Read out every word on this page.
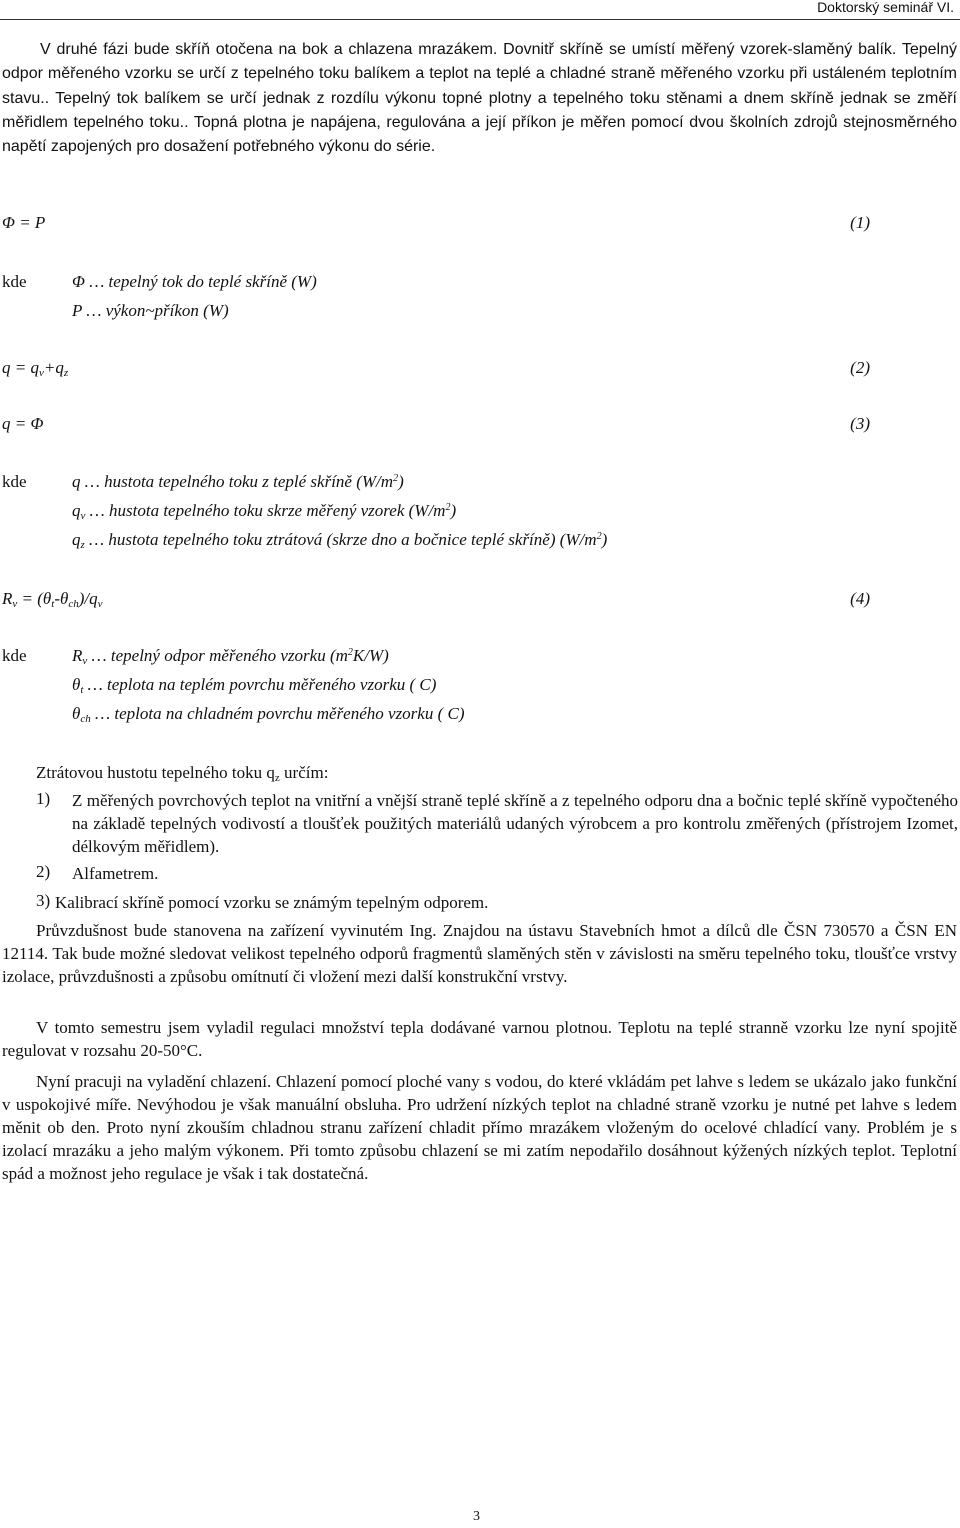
Doktorský seminář VI.
V druhé fázi bude skříň otočena na bok a chlazena mrazákem. Dovnitř skříně se umístí měřený vzorek-slaměný balík. Tepelný odpor měřeného vzorku se určí z tepelného toku balíkem a teplot na teplé a chladné straně měřeného vzorku při ustáleném teplotním stavu.. Tepelný tok balíkem se určí jednak z rozdílu výkonu topné plotny a tepelného toku stěnami a dnem skříně jednak se změří měřidlem tepelného toku.. Topná plotna je napájena, regulována a její příkon je měřen pomocí dvou školních zdrojů stejnosměrného napětí zapojených pro dosažení potřebného výkonu do série.
Φ = P	(1)
kde	Φ … tepelný tok do teplé skříně (W)
P … výkon~příkon (W)
$q = q_v+q_z$	(2)
q = Φ	(3)
kde	q … hustota tepelného toku z teplé skříně $(W/m^2)$
$q_v$ … hustota tepelného toku skrze měřený vzorek $(W/m^2)$
$q_z$ … hustota tepelného toku ztrátová (skrze dno a bočnice teplé skříně) $(W/m^2)$
$R_v = (\theta_t-\theta_{ch})/q_v$	(4)
kde	$R_v$ … tepelný odpor měřeného vzorku $(m^2K/W)$
$\theta_t$ … teplota na teplém povrchu měřeného vzorku ( C)
$\theta_{ch}$ … teplota na chladném povrchu měřeného vzorku ( C)
Ztrátovou hustotu tepelného toku $q_z$ určím:
1) Z měřených povrchových teplot na vnitřní a vnější straně teplé skříně a z tepelného odporu dna a bočnic teplé skříně vypočteného na základě tepelných vodivostí a tloušťek použitých materiálů udaných výrobcem a pro kontrolu změřených (přístrojem Izomet, délkovým měřidlem).
2) Alfametrem.
3) Kalibrací skříně pomocí vzorku se známým tepelným odporem.
Průvzdušnost bude stanovena na zařízení vyvinutém Ing. Znajdou na ústavu Stavebních hmot a dílců dle ČSN 730570 a ČSN EN 12114. Tak bude možné sledovat velikost tepelného odporů fragmentů slaměných stěn v závislosti na směru tepelného toku, tloušťce vrstvy izolace, průvzdušnosti a způsobu omítnutí či vložení mezi další konstrukční vrstvy.
V tomto semestru jsem vyladil regulaci množství tepla dodávané varnou plotnou. Teplotu na teplé stranně vzorku lze nyní spojitě regulovat v rozsahu 20-50°C.
Nyní pracuji na vyladění chlazení. Chlazení pomocí ploché vany s vodou, do které vkládám pet lahve s ledem se ukázalo jako funkční v uspokojivé míře. Nevýhodou je však manuální obsluha. Pro udržení nízkých teplot na chladné straně vzorku je nutné pet lahve s ledem měnit ob den. Proto nyní zkouším chladnou stranu zařízení chladit přímo mrazákem vloženým do ocelové chladící vany. Problém je s izolací mrazáku a jeho malým výkonem. Při tomto způsobu chlazení se mi zatím nepodařilo dosáhnout kýžených nízkých teplot. Teplotní spád a možnost jeho regulace je však i tak dostatečná.
3
